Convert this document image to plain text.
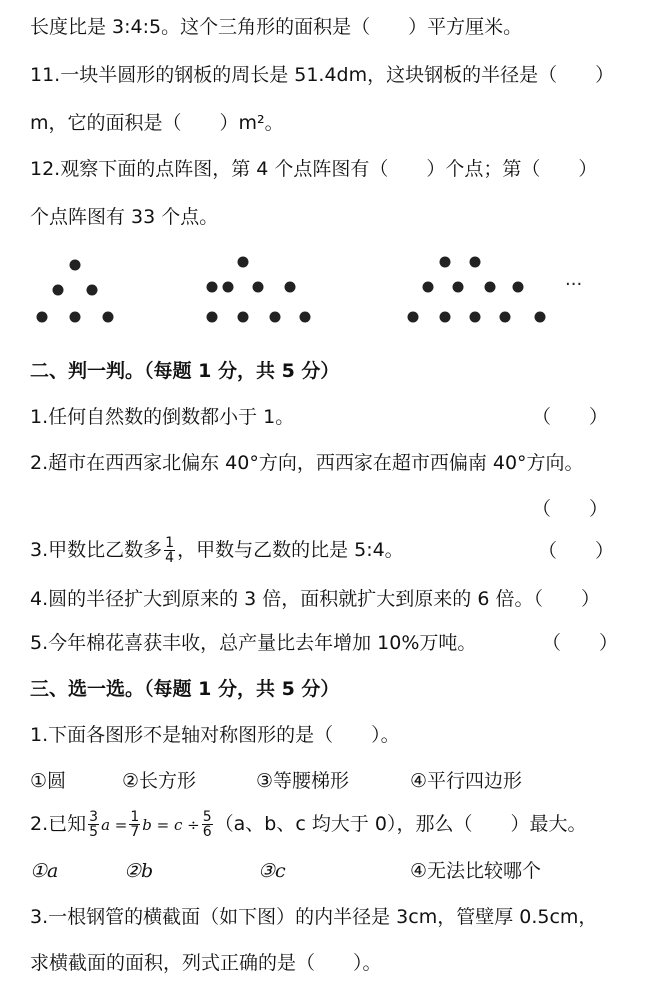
长度比是 3:4:5。这个三角形的面积是（　　）平方厘米。
11.一块半圆形的钢板的周长是 51.4dm，这块钢板的半径是（　　）
m，它的面积是（　　）m²。
12.观察下面的点阵图，第 4 个点阵图有（　　）个点；第（　　）
个点阵图有 33 个点。
···
二、判一判。（每题 1 分，共 5 分）
1.任何自然数的倒数都小于 1。	（　　）
2.超市在西西家北偏东 40°方向，西西家在超市西偏南 40°方向。
（　　）
3.甲数比乙数多 $\frac{1}{4}$ ，甲数与乙数的比是 5:4。	（　　）
4.圆的半径扩大到原来的 3 倍，面积就扩大到原来的 6 倍。（　　）
5.今年棉花喜获丰收，总产量比去年增加 10%万吨。	（　　）
三、选一选。（每题 1 分，共 5 分）
1.下面各图形不是轴对称图形的是（　　）。
①圆	②长方形	③等腰梯形	④平行四边形
2.已知 $\frac{3}{5}$ $a = \frac{1}{7}$ $b = c \div \frac{5}{6} (a$、b、c 均大于 0），那么（　　）最大。
①a	②b	③c	④无法比较哪个
3.一根钢管的横截面（如下图）的内半径是 3cm，管壁厚 0.5cm，
求横截面的面积，列式正确的是（　　）。
